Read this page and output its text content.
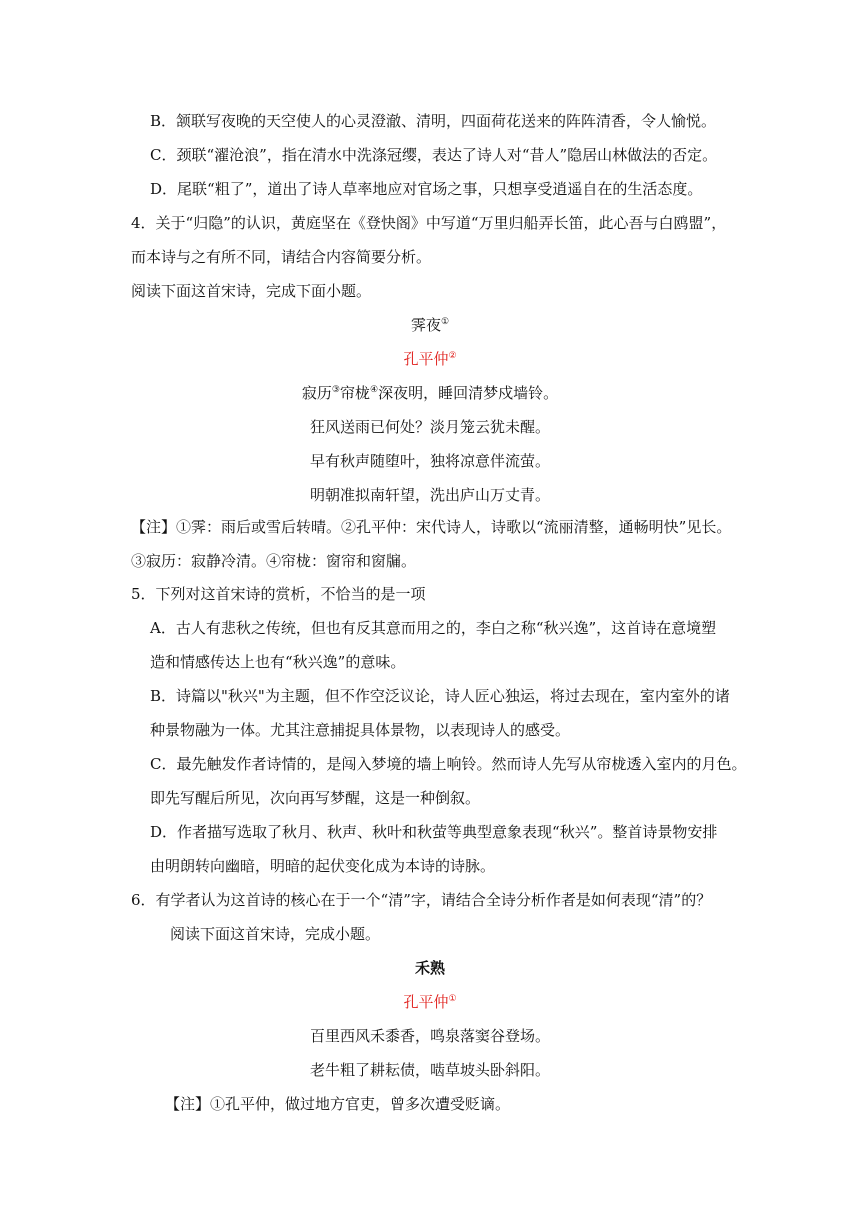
B．颔联写夜晚的天空使人的心灵澄澈、清明，四面荷花送来的阵阵清香，令人愉悦。
C．颈联“濯沧浪”，指在清水中洗涤冠缨，表达了诗人对“昔人”隐居山林做法的否定。
D．尾联“粗了”，道出了诗人草率地应对官场之事，只想享受逍遥自在的生活态度。
4．关于“归隐”的认识，黄庭坚在《登快阁》中写道“万里归船弄长笛，此心吾与白鸥盟”，
而本诗与之有所不同，请结合内容简要分析。
阅读下面这首宋诗，完成下面小题。
霁夜①
孔平仲②
寂历③帘栊④深夜明，睡回清梦戍墙铃。
狂风送雨已何处？淡月笼云犹未醒。
早有秋声随堕叶，独将凉意伴流萤。
明朝准拟南轩望，洗出庐山万丈青。
【注】①霁：雨后或雪后转晴。②孔平仲：宋代诗人，诗歌以“流丽清整，通畅明快”见长。
③寂历：寂静冷清。④帘栊：窗帘和窗牖。
5．下列对这首宋诗的赏析，不恰当的是一项
A．古人有悲秋之传统，但也有反其意而用之的，李白之称“秋兴逸”，这首诗在意境塑
造和情感传达上也有“秋兴逸”的意味。
B．诗篇以"秋兴"为主题，但不作空泛议论，诗人匠心独运，将过去现在，室内室外的诸
种景物融为一体。尤其注意捕捉具体景物，以表现诗人的感受。
C．最先触发作者诗情的，是闯入梦境的墙上响铃。然而诗人先写从帘栊透入室内的月色。
即先写醒后所见，次向再写梦醒，这是一种倒叙。
D．作者描写选取了秋月、秋声、秋叶和秋萤等典型意象表现“秋兴”。整首诗景物安排
由明朗转向幽暗，明暗的起伏变化成为本诗的诗脉。
6．有学者认为这首诗的核心在于一个“清”字，请结合全诗分析作者是如何表现“清”的？
阅读下面这首宋诗，完成小题。
禾熟
孔平仲①
百里西风禾黍香，鸣泉落窦谷登场。
老牛粗了耕耘债，啮草坡头卧斜阳。
【注】①孔平仲，做过地方官吏，曾多次遭受贬谪。
